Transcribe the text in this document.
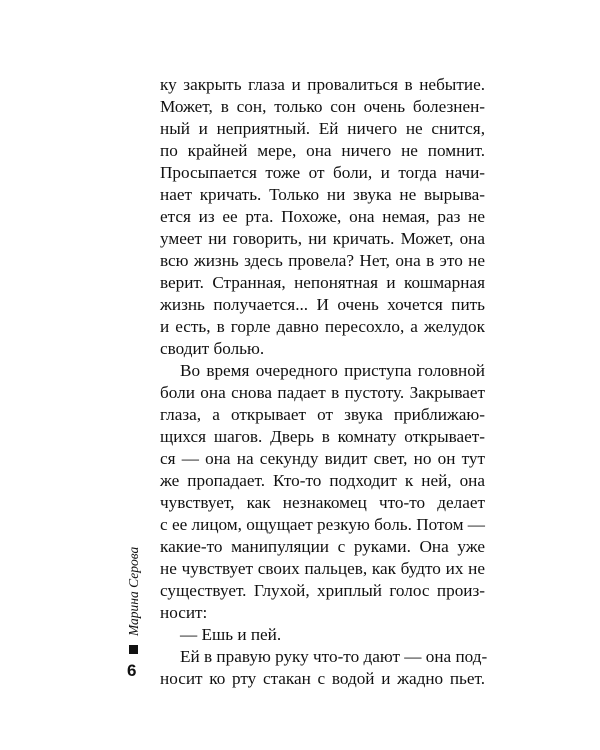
ку закрыть глаза и провалиться в небытие.
Может, в сон, только сон очень болезнен-
ный и неприятный. Ей ничего не снится,
по крайней мере, она ничего не помнит.
Просыпается тоже от боли, и тогда начи-
нает кричать. Только ни звука не вырыва-
ется из ее рта. Похоже, она немая, раз не
умеет ни говорить, ни кричать. Может, она
всю жизнь здесь провела? Нет, она в это не
верит. Странная, непонятная и кошмарная
жизнь получается... И очень хочется пить
и есть, в горле давно пересохло, а желудок
сводит болью.
Во время очередного приступа головной
боли она снова падает в пустоту. Закрывает
глаза, а открывает от звука приближаю-
щихся шагов. Дверь в комнату открывает-
ся — она на секунду видит свет, но он тут
же пропадает. Кто-то подходит к ней, она
чувствует, как незнакомец что-то делает
с ее лицом, ощущает резкую боль. Потом —
какие-то манипуляции с руками. Она уже
не чувствует своих пальцев, как будто их не
существует. Глухой, хриплый голос произ-
носит:
— Ешь и пей.
Ей в правую руку что-то дают — она под-
носит ко рту стакан с водой и жадно пьет.
Марина Серова
6
